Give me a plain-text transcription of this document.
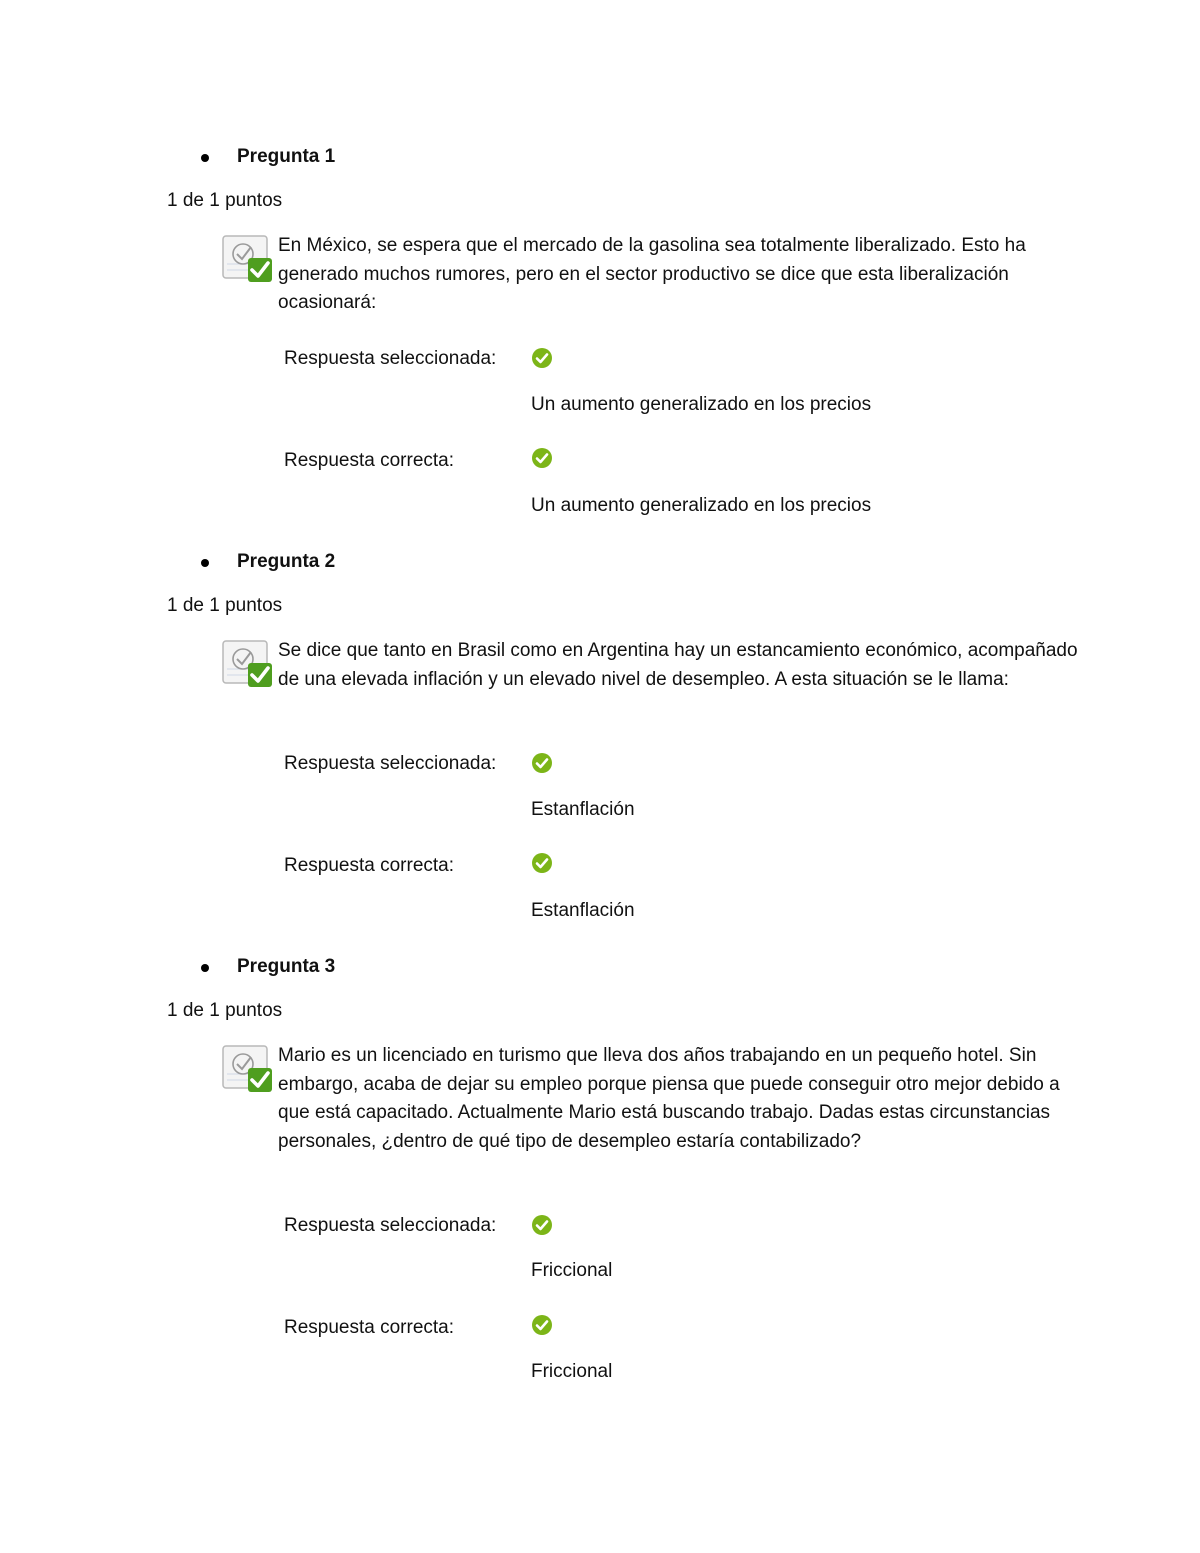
Pregunta 1
1 de 1 puntos
En México, se espera que el mercado de la gasolina sea totalmente liberalizado. Esto ha generado muchos rumores, pero en el sector productivo se dice que esta liberalización ocasionará:
Respuesta seleccionada:
Un aumento generalizado en los precios
Respuesta correcta:
Un aumento generalizado en los precios
Pregunta 2
1 de 1 puntos
Se dice que tanto en Brasil como en Argentina hay un estancamiento económico, acompañado de una elevada inflación y un elevado nivel de desempleo. A esta situación se le llama:
Respuesta seleccionada:
Estanflación
Respuesta correcta:
Estanflación
Pregunta 3
1 de 1 puntos
Mario es un licenciado en turismo que lleva dos años trabajando en un pequeño hotel. Sin embargo, acaba de dejar su empleo porque piensa que puede conseguir otro mejor debido a que está capacitado. Actualmente Mario está buscando trabajo. Dadas estas circunstancias personales, ¿dentro de qué tipo de desempleo estaría contabilizado?
Respuesta seleccionada:
Friccional
Respuesta correcta:
Friccional
